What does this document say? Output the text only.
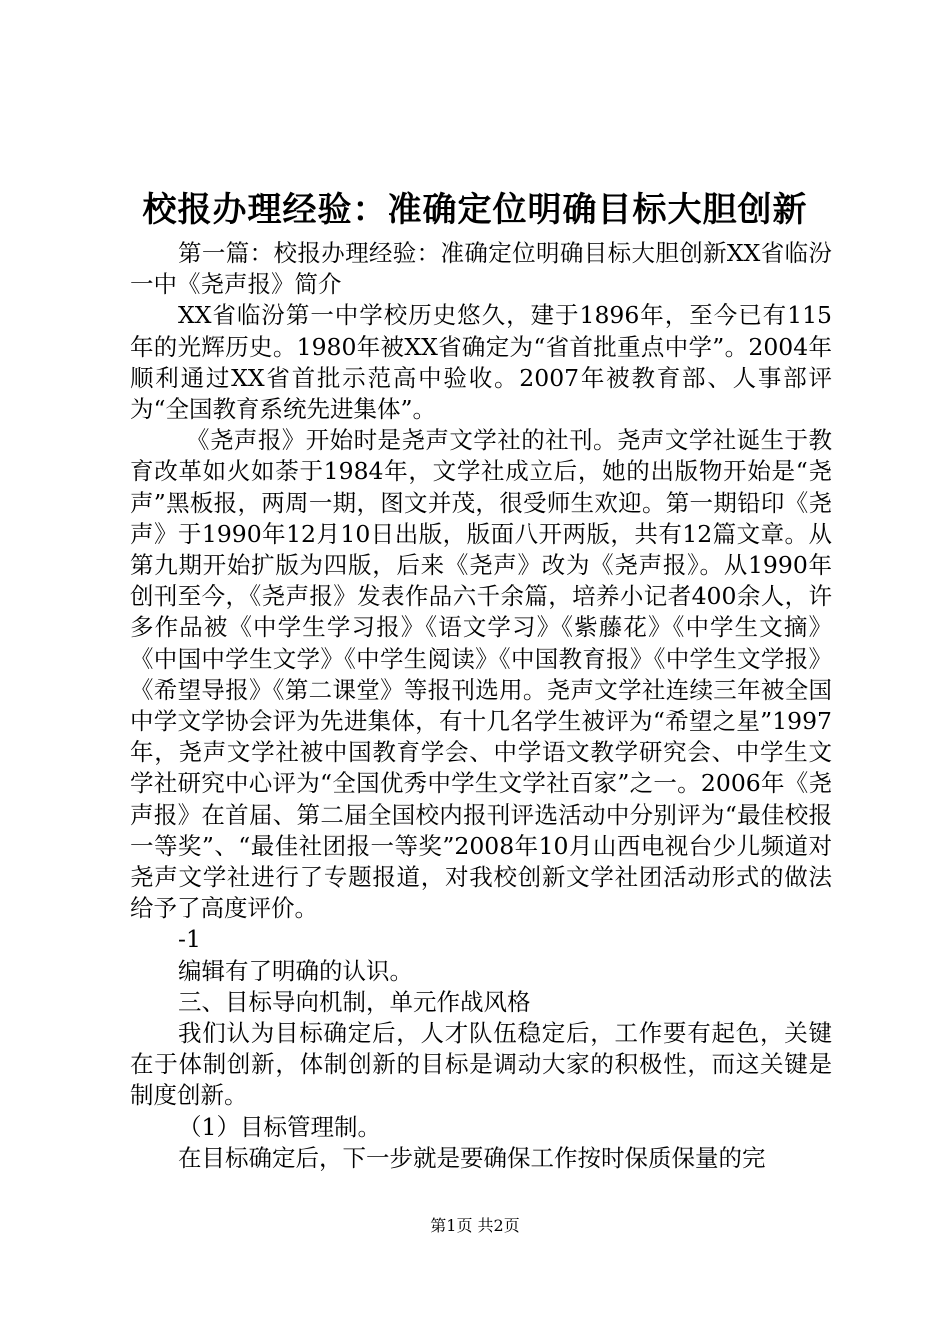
校报办理经验：准确定位明确目标大胆创新

第一篇：校报办理经验：准确定位明确目标大胆创新XX省临汾一中《尧声报》简介

XX省临汾第一中学校历史悠久，建于1896年，至今已有115年的光辉历史。1980年被XX省确定为“省首批重点中学”。2004年顺利通过XX省首批示范高中验收。2007年被教育部、人事部评为“全国教育系统先进集体”。

《尧声报》开始时是尧声文学社的社刊。尧声文学社诞生于教育改革如火如荼于1984年，文学社成立后，她的出版物开始是“尧声”黑板报，两周一期，图文并茂，很受师生欢迎。第一期铅印《尧声》于1990年12月10日出版，版面八开两版，共有12篇文章。从第九期开始扩版为四版，后来《尧声》改为《尧声报》。从1990年创刊至今，《尧声报》发表作品六千余篇，培养小记者400余人，许多作品被《中学生学习报》《语文学习》《紫藤花》《中学生文摘》《中国中学生文学》《中学生阅读》《中国教育报》《中学生文学报》《希望导报》《第二课堂》等报刊选用。尧声文学社连续三年被全国中学文学协会评为先进集体，有十几名学生被评为“希望之星”1997年，尧声文学社被中国教育学会、中学语文教学研究会、中学生文学社研究中心评为“全国优秀中学生文学社百家”之一。2006年《尧声报》在首届、第二届全国校内报刊评选活动中分别评为“最佳校报一等奖”、“最佳社团报一等奖”2008年10月山西电视台少儿频道对尧声文学社进行了专题报道，对我校创新文学社团活动形式的做法给予了高度评价。

-1

编辑有了明确的认识。

三、目标导向机制，单元作战风格

我们认为目标确定后，人才队伍稳定后，工作要有起色，关键在于体制创新，体制创新的目标是调动大家的积极性，而这关键是制度创新。

（1）目标管理制。

在目标确定后，下一步就是要确保工作按时保质保量的完

第1页 共2页
